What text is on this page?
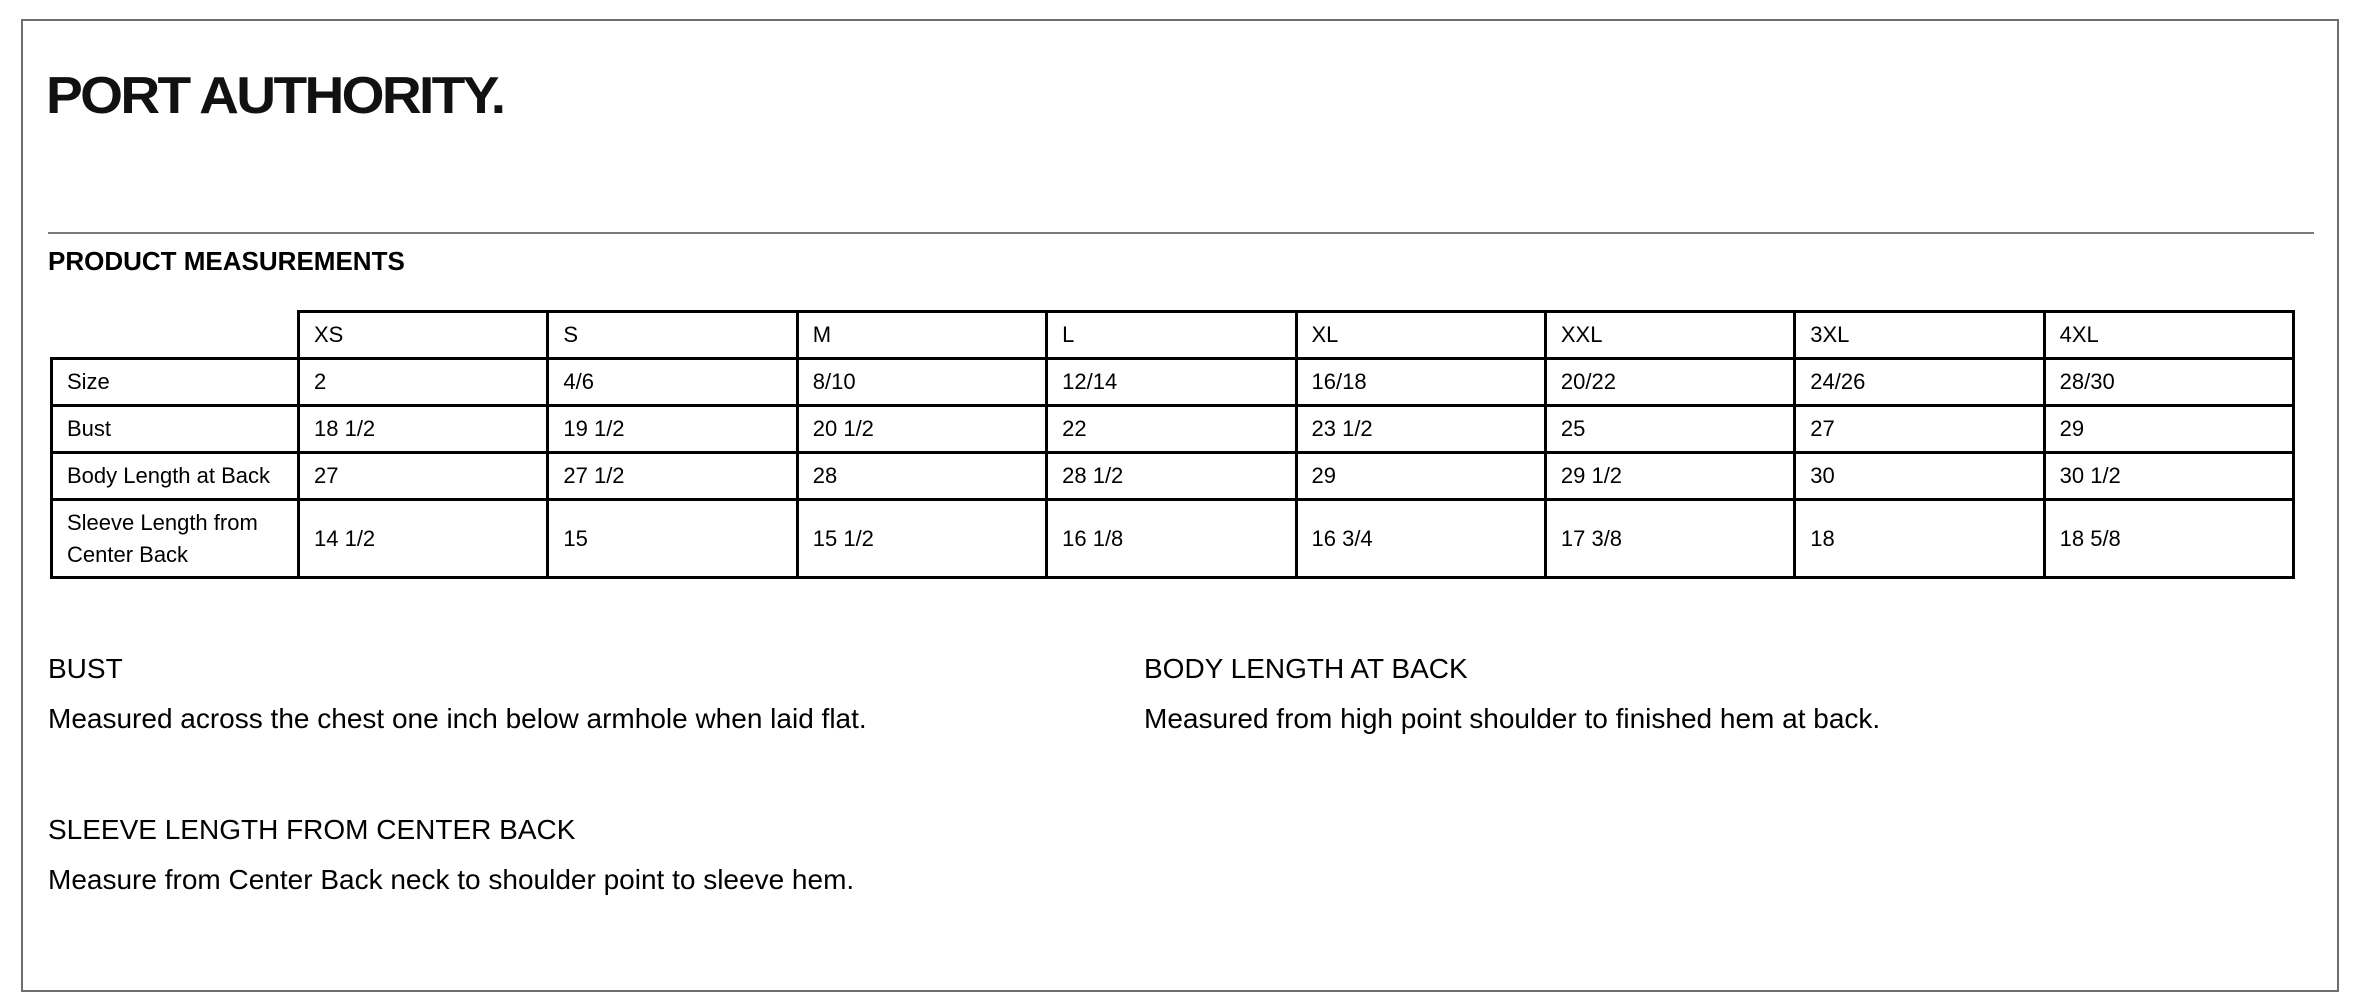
PORT AUTHORITY.
PRODUCT MEASUREMENTS
	XS	S	M	L	XL	XXL	3XL	4XL
Size	2	4/6	8/10	12/14	16/18	20/22	24/26	28/30
Bust	18 1/2	19 1/2	20 1/2	22	23 1/2	25	27	29
Body Length at Back	27	27 1/2	28	28 1/2	29	29 1/2	30	30 1/2
Sleeve Length from Center Back	14 1/2	15	15 1/2	16 1/8	16 3/4	17 3/8	18	18 5/8
BUST
Measured across the chest one inch below armhole when laid flat.
BODY LENGTH AT BACK
Measured from high point shoulder to finished hem at back.
SLEEVE LENGTH FROM CENTER BACK
Measure from Center Back neck to shoulder point to sleeve hem.
